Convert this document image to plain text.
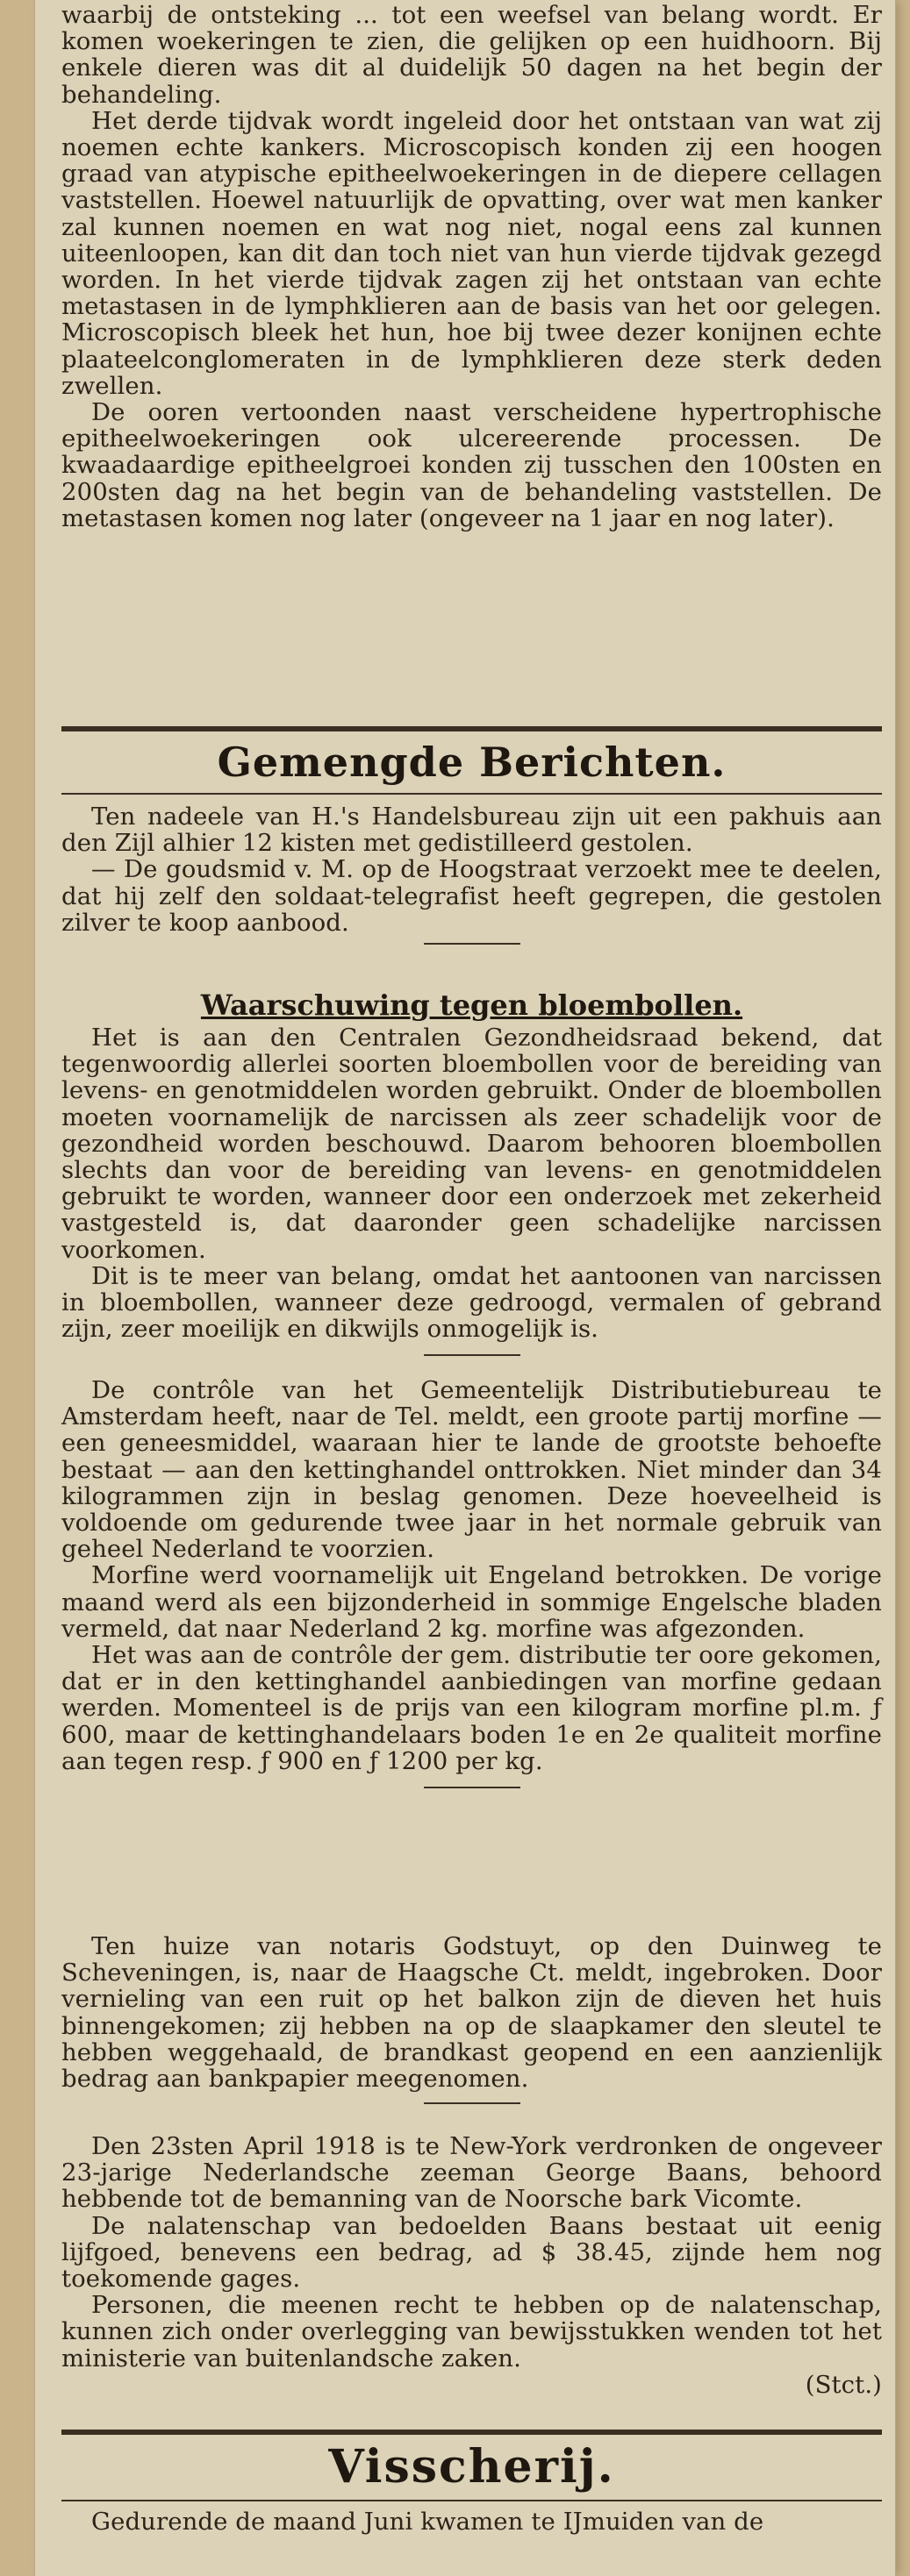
waarbij de ontsteking ... tot een weefsel van belang wordt. Er komen woekeringen te zien, die gelijken op een huidhoorn. Bij enkele dieren was dit al duidelijk 50 dagen na het begin der behandeling.

Het derde tijdvak wordt ingeleid door het ontstaan van wat zij noemen echte kankers. Microscopisch konden zij een hoogen graad van atypische epitheelwoekeringen in de diepere cellagen vaststellen. Hoewel natuurlijk de opvatting, over wat men kanker zal kunnen noemen en wat nog niet, nogal eens zal kunnen uiteenloopen, kan dit dan toch niet van hun vierde tijdvak gezegd worden. In het vierde tijdvak zagen zij het ontstaan van echte metastasen in de lymphklieren aan de basis van het oor gelegen. Microscopisch bleek het hun, hoe bij twee dezer konijnen echte plaateelconglomeraten in de lymphklieren deze sterk deden zwellen.

De ooren vertoonden naast verscheidene hypertrophische epitheelwoekeringen ook ulcereerende processen. De kwaadaardige epitheelgroei konden zij tusschen den 100sten en 200sten dag na het begin van de behandeling vaststellen. De metastasen komen nog later (ongeveer na 1 jaar en nog later).

Gemengde Berichten.

Ten nadeele van H.'s Handelsbureau zijn uit een pakhuis aan den Zijl alhier 12 kisten met gedistilleerd gestolen.

— De goudsmid v. M. op de Hoogstraat verzoekt mee te deelen, dat hij zelf den soldaat-telegrafist heeft gegrepen, die gestolen zilver te koop aanbood.

Waarschuwing tegen bloembollen.

Het is aan den Centralen Gezondheidsraad bekend, dat tegenwoordig allerlei soorten bloembollen voor de bereiding van levens- en genotmiddelen worden gebruikt. Onder de bloembollen moeten voornamelijk de narcissen als zeer schadelijk voor de gezondheid worden beschouwd. Daarom behooren bloembollen slechts dan voor de bereiding van levens- en genotmiddelen gebruikt te worden, wanneer door een onderzoek met zekerheid vastgesteld is, dat daaronder geen schadelijke narcissen voorkomen.

Dit is te meer van belang, omdat het aantoonen van narcissen in bloembollen, wanneer deze gedroogd, vermalen of gebrand zijn, zeer moeilijk en dikwijls onmogelijk is.

De contrôle van het Gemeentelijk Distributiebureau te Amsterdam heeft, naar de Tel. meldt, een groote partij morfine — een geneesmiddel, waaraan hier te lande de grootste behoefte bestaat — aan den kettinghandel onttrokken. Niet minder dan 34 kilogrammen zijn in beslag genomen. Deze hoeveelheid is voldoende om gedurende twee jaar in het normale gebruik van geheel Nederland te voorzien.

Morfine werd voornamelijk uit Engeland betrokken. De vorige maand werd als een bijzonderheid in sommige Engelsche bladen vermeld, dat naar Nederland 2 kg. morfine was afgezonden.

Het was aan de contrôle der gem. distributie ter oore gekomen, dat er in den kettinghandel aanbiedingen van morfine gedaan werden. Momenteel is de prijs van een kilogram morfine pl.m. ƒ 600, maar de kettinghandelaars boden 1e en 2e qualiteit morfine aan tegen resp. ƒ 900 en ƒ 1200 per kg.

Ten huize van notaris Godstuyt, op den Duinweg te Scheveningen, is, naar de Haagsche Ct. meldt, ingebroken. Door vernieling van een ruit op het balkon zijn de dieven het huis binnengekomen; zij hebben na op de slaapkamer den sleutel te hebben weggehaald, de brandkast geopend en een aanzienlijk bedrag aan bankpapier meegenomen.

Den 23sten April 1918 is te New-York verdronken de ongeveer 23-jarige Nederlandsche zeeman George Baans, behoord hebbende tot de bemanning van de Noorsche bark Vicomte.

De nalatenschap van bedoelden Baans bestaat uit eenig lijfgoed, benevens een bedrag, ad $ 38.45, zijnde hem nog toekomende gages.

Personen, die meenen recht te hebben op de nalatenschap, kunnen zich onder overlegging van bewijsstukken wenden tot het ministerie van buitenlandsche zaken.

(Stct.)

Visscherij.

Gedurende de maand Juni kwamen te IJmuiden van de
